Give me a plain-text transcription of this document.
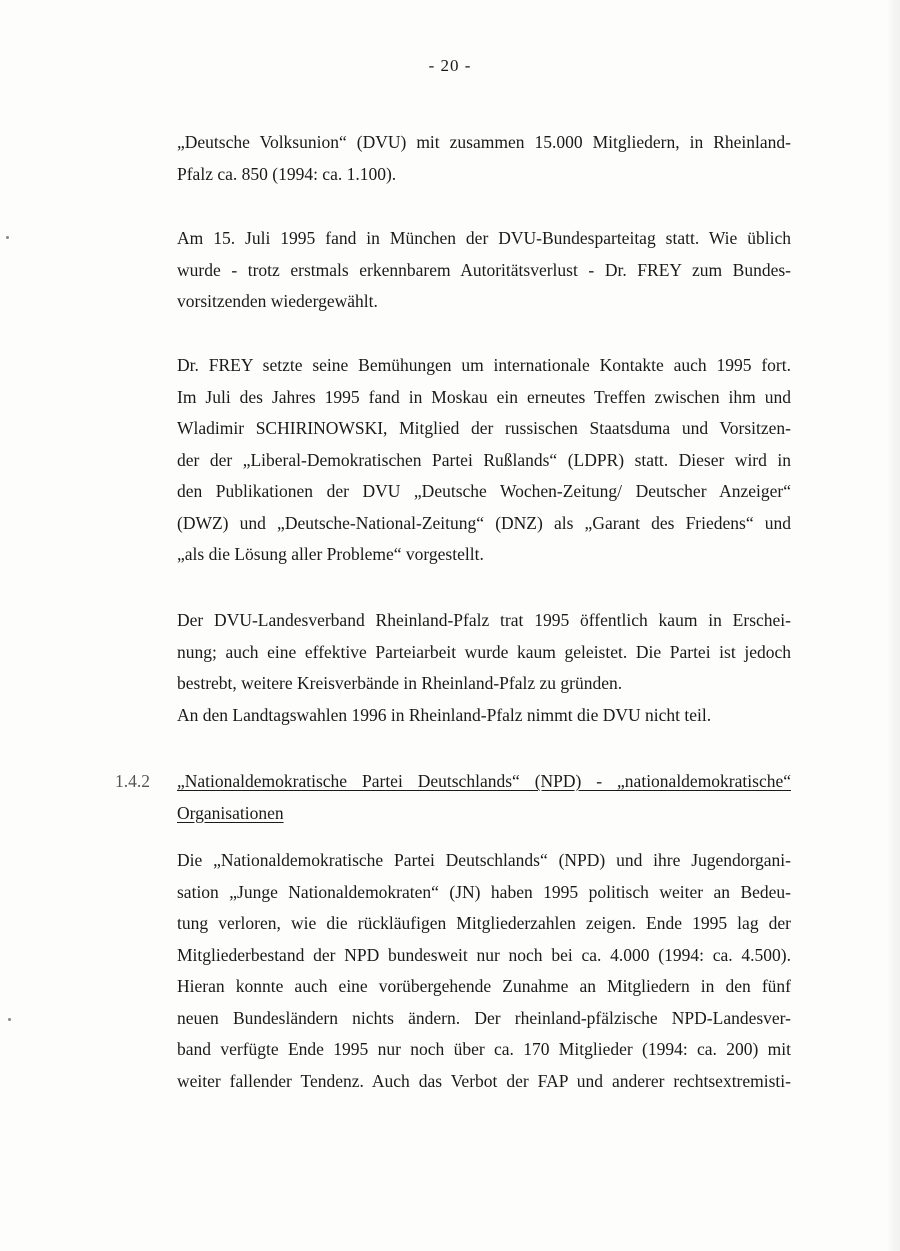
- 20 -
„Deutsche Volksunion“ (DVU) mit zusammen 15.000 Mitgliedern, in Rheinland-
Pfalz ca. 850 (1994: ca. 1.100).
Am 15. Juli 1995 fand in München der DVU-Bundesparteitag statt. Wie üblich
wurde - trotz erstmals erkennbarem Autoritätsverlust - Dr. FREY zum Bundes-
vorsitzenden wiedergewählt.
Dr. FREY setzte seine Bemühungen um internationale Kontakte auch 1995 fort.
Im Juli des Jahres 1995 fand in Moskau ein erneutes Treffen zwischen ihm und
Wladimir SCHIRINOWSKI, Mitglied der russischen Staatsduma und Vorsitzen-
der der „Liberal-Demokratischen Partei Rußlands“ (LDPR) statt. Dieser wird in
den Publikationen der DVU „Deutsche Wochen-Zeitung/ Deutscher Anzeiger“
(DWZ) und „Deutsche-National-Zeitung“ (DNZ) als „Garant des Friedens“ und
„als die Lösung aller Probleme“ vorgestellt.
Der DVU-Landesverband Rheinland-Pfalz trat 1995 öffentlich kaum in Erschei-
nung; auch eine effektive Parteiarbeit wurde kaum geleistet. Die Partei ist jedoch
bestrebt, weitere Kreisverbände in Rheinland-Pfalz zu gründen.
An den Landtagswahlen 1996 in Rheinland-Pfalz nimmt die DVU nicht teil.
1.4.2 „Nationaldemokratische Partei Deutschlands“ (NPD) - „nationaldemokratische“
Organisationen
Die „Nationaldemokratische Partei Deutschlands“ (NPD) und ihre Jugendorgani-
sation „Junge Nationaldemokraten“ (JN) haben 1995 politisch weiter an Bedeu-
tung verloren, wie die rückläufigen Mitgliederzahlen zeigen. Ende 1995 lag der
Mitgliederbestand der NPD bundesweit nur noch bei ca. 4.000 (1994: ca. 4.500).
Hieran konnte auch eine vorübergehende Zunahme an Mitgliedern in den fünf
neuen Bundesländern nichts ändern. Der rheinland-pfälzische NPD-Landesver-
band verfügte Ende 1995 nur noch über ca. 170 Mitglieder (1994: ca. 200) mit
weiter fallender Tendenz. Auch das Verbot der FAP und anderer rechtsextremisti-
